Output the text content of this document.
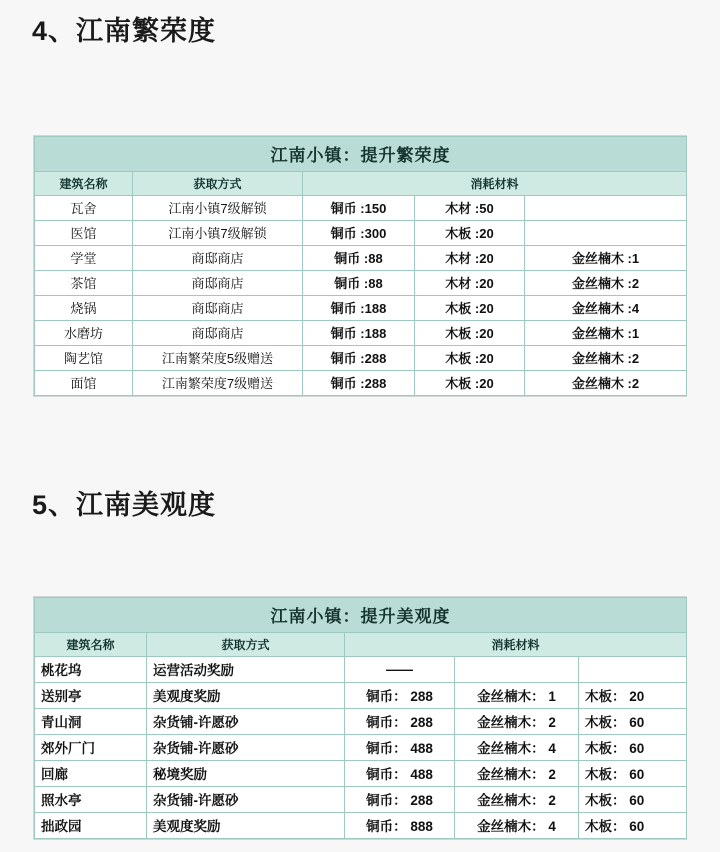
4、江南繁荣度
江南小镇：提升繁荣度				
建筑名称	获取方式	消耗材料		
瓦舍	江南小镇7级解锁	铜币 :150	木材 :50	
医馆	江南小镇7级解锁	铜币 :300	木板 :20	
学堂	商邸商店	铜币 :88	木材 :20	金丝楠木 :1
茶馆	商邸商店	铜币 :88	木材 :20	金丝楠木 :2
烧锅	商邸商店	铜币 :188	木板 :20	金丝楠木 :4
水磨坊	商邸商店	铜币 :188	木板 :20	金丝楠木 :1
陶艺馆	江南繁荣度5级赠送	铜币 :288	木板 :20	金丝楠木 :2
面馆	江南繁荣度7级赠送	铜币 :288	木板 :20	金丝楠木 :2
5、江南美观度
江南小镇：提升美观度				
建筑名称	获取方式	消耗材料		
桃花坞	运营活动奖励	——		
送别亭	美观度奖励	铜币： 288	金丝楠木： 1	木板： 20
青山洞	杂货铺-许愿砂	铜币： 288	金丝楠木： 2	木板： 60
郊外厂门	杂货铺-许愿砂	铜币： 488	金丝楠木： 4	木板： 60
回廊	秘境奖励	铜币： 488	金丝楠木： 2	木板： 60
照水亭	杂货铺-许愿砂	铜币： 288	金丝楠木： 2	木板： 60
拙政园	美观度奖励	铜币： 888	金丝楠木： 4	木板： 60
